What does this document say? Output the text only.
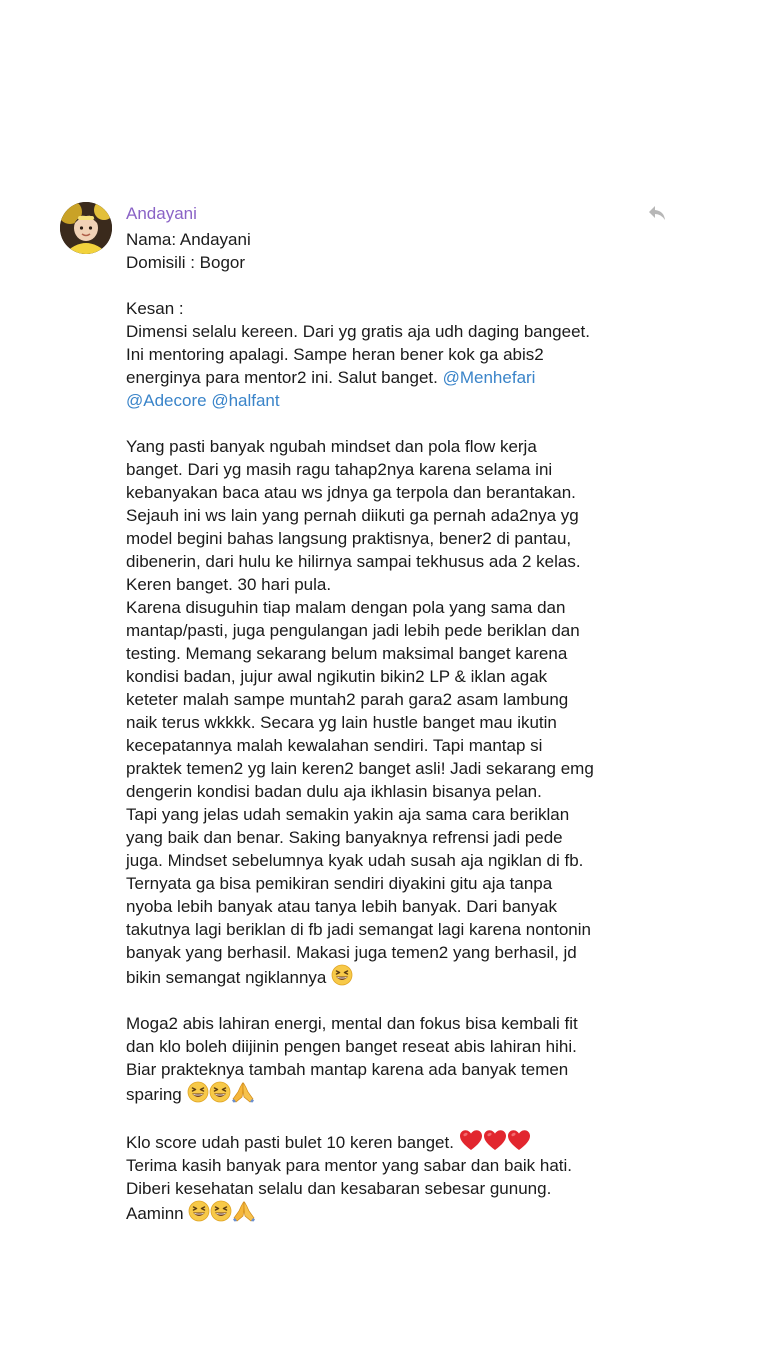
Andayani
Nama: Andayani
Domisili : Bogor
Kesan :
Dimensi selalu kereen. Dari yg gratis aja udh daging bangeet.
Ini mentoring apalagi. Sampe heran bener kok ga abis2
energinya para mentor2 ini. Salut banget. @Menhefari
@Adecore @halfant
Yang pasti banyak ngubah mindset dan pola flow kerja
banget. Dari yg masih ragu tahap2nya karena selama ini
kebanyakan baca atau ws jdnya ga terpola dan berantakan.
Sejauh ini ws lain yang pernah diikuti ga pernah ada2nya yg
model begini bahas langsung praktisnya, bener2 di pantau,
dibenerin, dari hulu ke hilirnya sampai tekhusus ada 2 kelas.
Keren banget. 30 hari pula.
Karena disuguhin tiap malam dengan pola yang sama dan
mantap/pasti, juga pengulangan jadi lebih pede beriklan dan
testing. Memang sekarang belum maksimal banget karena
kondisi badan, jujur awal ngikutin bikin2 LP & iklan agak
keteter malah sampe muntah2 parah gara2 asam lambung
naik terus wkkkk. Secara yg lain hustle banget mau ikutin
kecepatannya malah kewalahan sendiri. Tapi mantap si
praktek temen2 yg lain keren2 banget asli! Jadi sekarang emg
dengerin kondisi badan dulu aja ikhlasin bisanya pelan.
Tapi yang jelas udah semakin yakin aja sama cara beriklan
yang baik dan benar. Saking banyaknya refrensi jadi pede
juga. Mindset sebelumnya kyak udah susah aja ngiklan di fb.
Ternyata ga bisa pemikiran sendiri diyakini gitu aja tanpa
nyoba lebih banyak atau tanya lebih banyak. Dari banyak
takutnya lagi beriklan di fb jadi semangat lagi karena nontonin
banyak yang berhasil. Makasi juga temen2 yang berhasil, jd
bikin semangat ngiklannya
Moga2 abis lahiran energi, mental dan fokus bisa kembali fit
dan klo boleh diijinin pengen banget reseat abis lahiran hihi.
Biar prakteknya tambah mantap karena ada banyak temen
sparing
Klo score udah pasti bulet 10 keren banget.
Terima kasih banyak para mentor yang sabar dan baik hati.
Diberi kesehatan selalu dan kesabaran sebesar gunung.
Aaminn
